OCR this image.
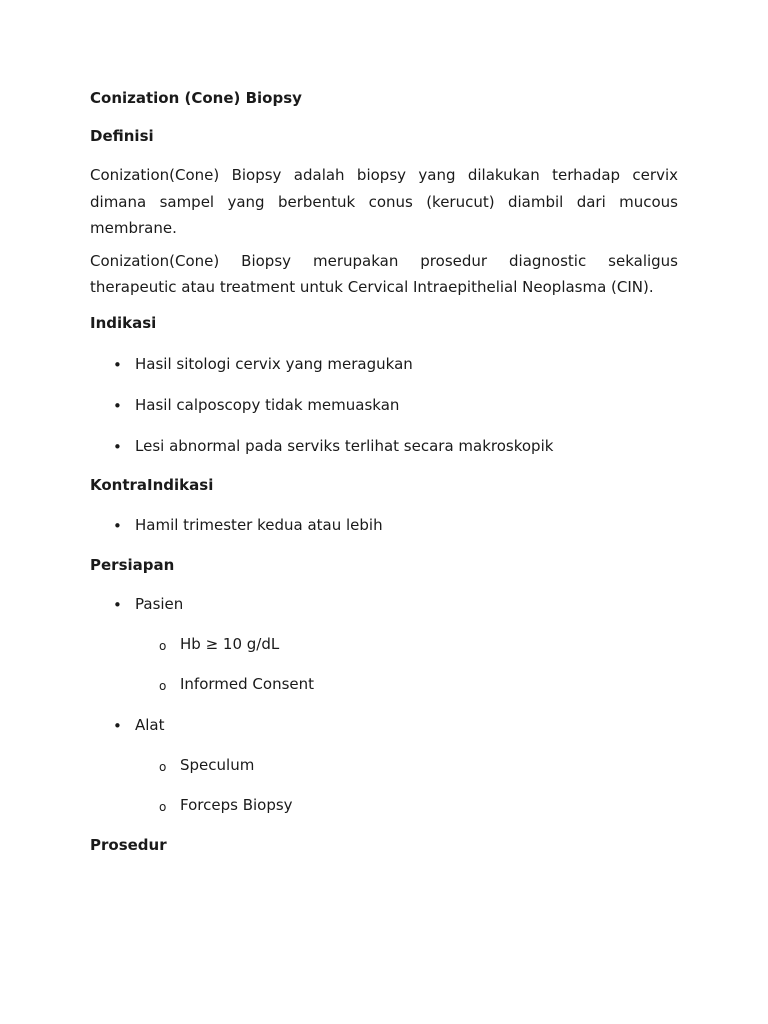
Conization (Cone) Biopsy
Definisi

Conization(Cone) Biopsy adalah biopsy yang dilakukan terhadap cervix dimana sampel yang berbentuk conus (kerucut) diambil dari mucous membrane.

Conization(Cone) Biopsy merupakan prosedur diagnostic sekaligus therapeutic atau treatment untuk Cervical Intraepithelial Neoplasma (CIN).

Indikasi
• Hasil sitologi cervix yang meragukan
• Hasil calposcopy tidak memuaskan
• Lesi abnormal pada serviks terlihat secara makroskopik
KontraIndikasi
• Hamil trimester kedua atau lebih
Persiapan
• Pasien
o Hb ≥ 10 g/dL
o Informed Consent
• Alat
o Speculum
o Forceps Biopsy
Prosedur
